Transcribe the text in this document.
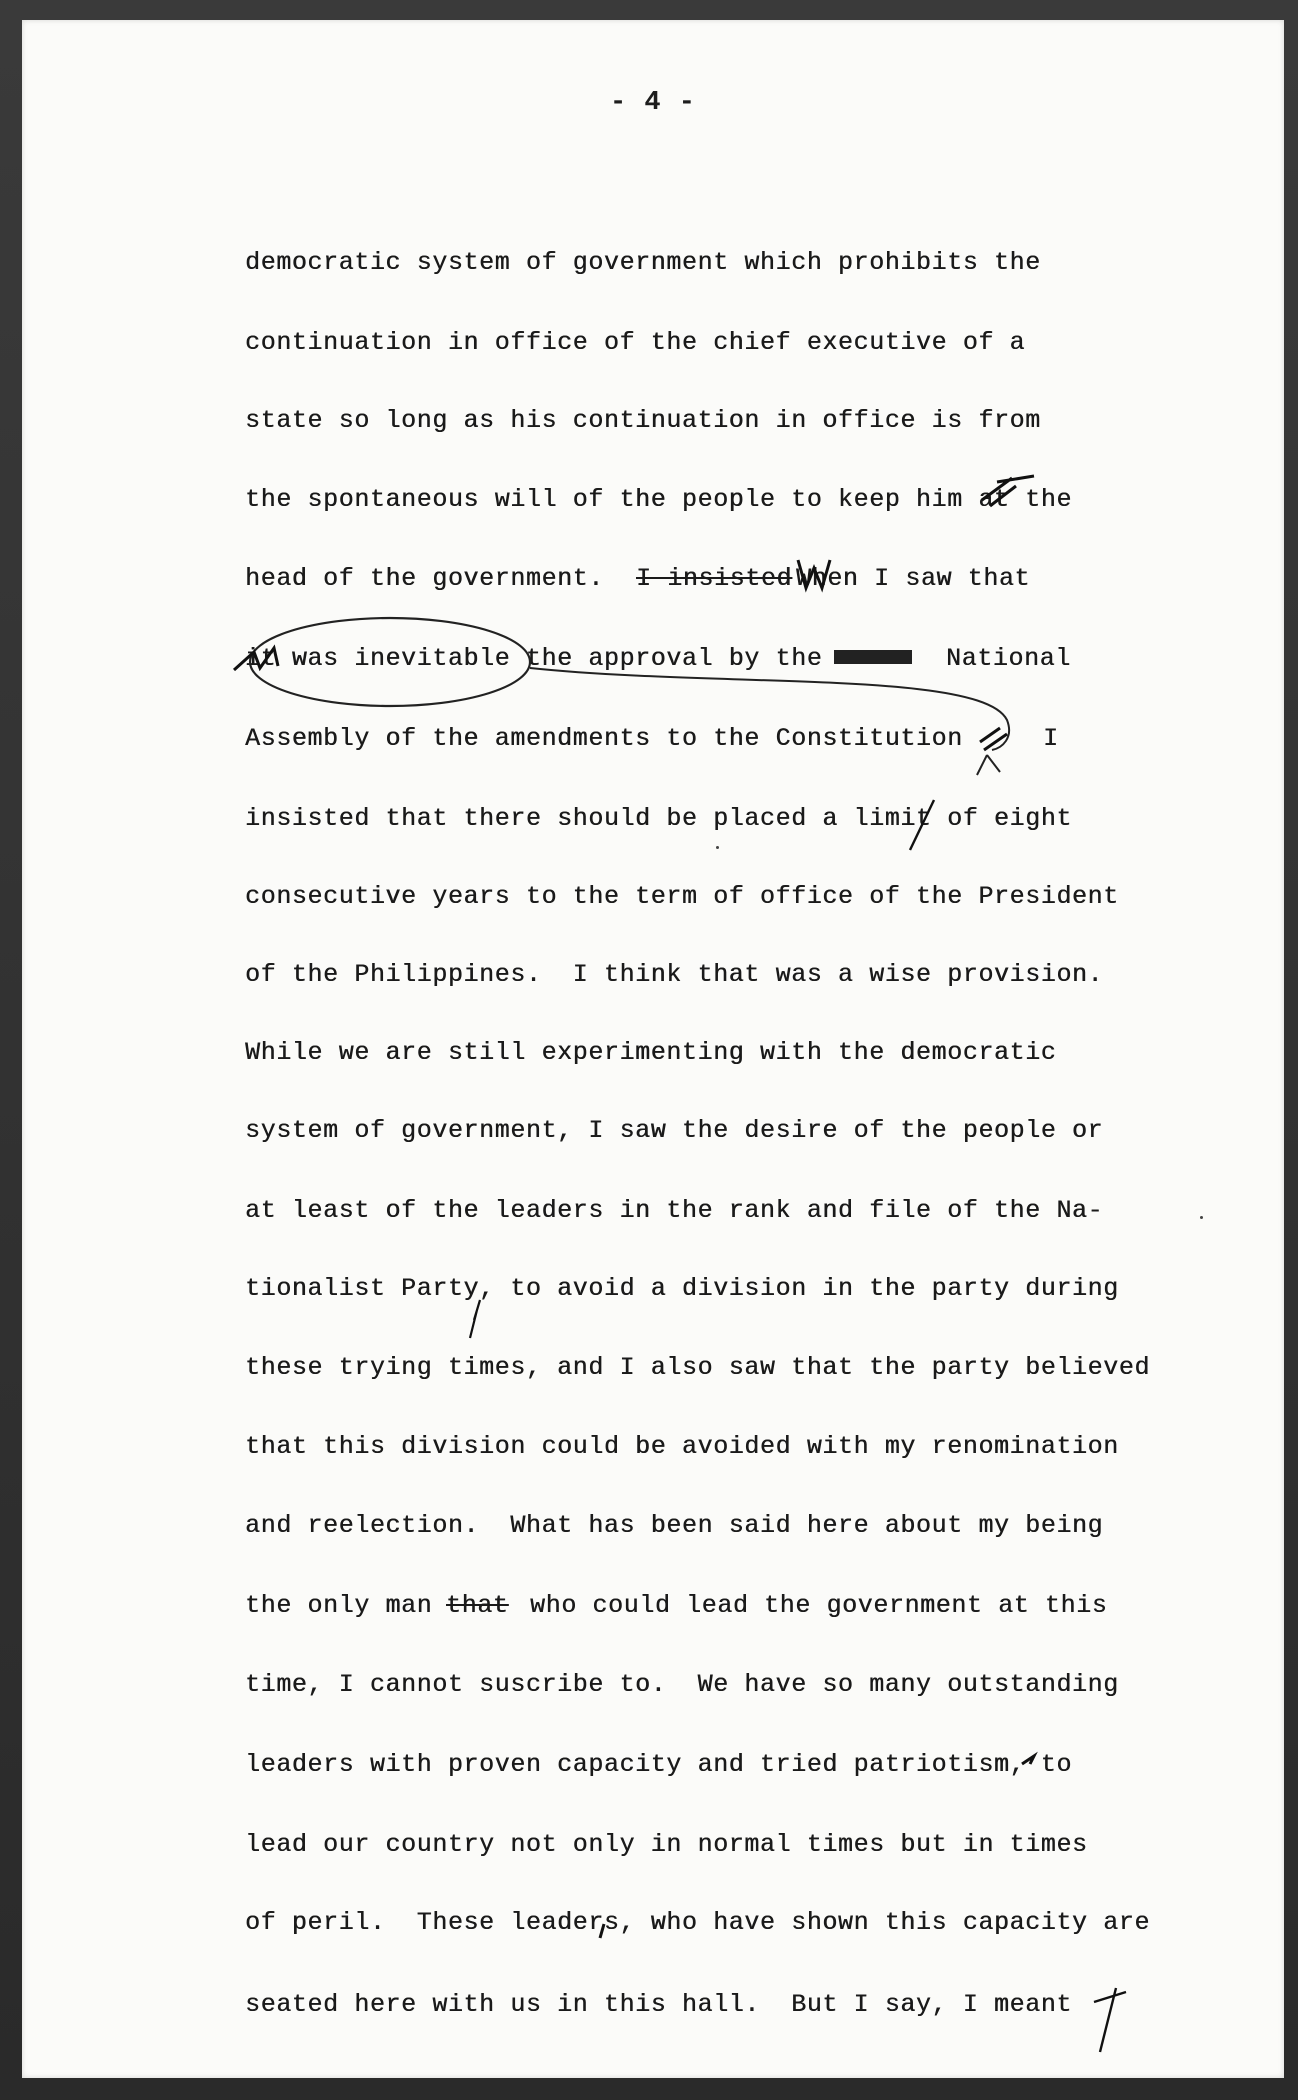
- 4 -
democratic system of government which prohibits the
continuation in office of the chief executive of a
state so long as his continuation in office is from
the spontaneous will of the people to keep him at the
head of the government. I insisted When I saw that
it was inevitable the approval by the	National
Assembly of the amendments to the Constitution	I
insisted that there should be placed a limit of eight
consecutive years to the term of office of the President
of the Philippines.  I think that was a wise provision.
While we are still experimenting with the democratic
system of government, I saw the desire of the people or
at least of the leaders in the rank and file of the Na-
tionalist Party, to avoid a division in the party during
these trying times, and I also saw that the party believed
that this division could be avoided with my renomination
and reelection.  What has been said here about my being
the only man that who could lead the government at this
time, I cannot suscribe to.  We have so many outstanding
leaders with proven capacity and tried patriotism, to
lead our country not only in normal times but in times
of peril.  These leaders, who have shown this capacity are
seated here with us in this hall.  But I say, I meant
